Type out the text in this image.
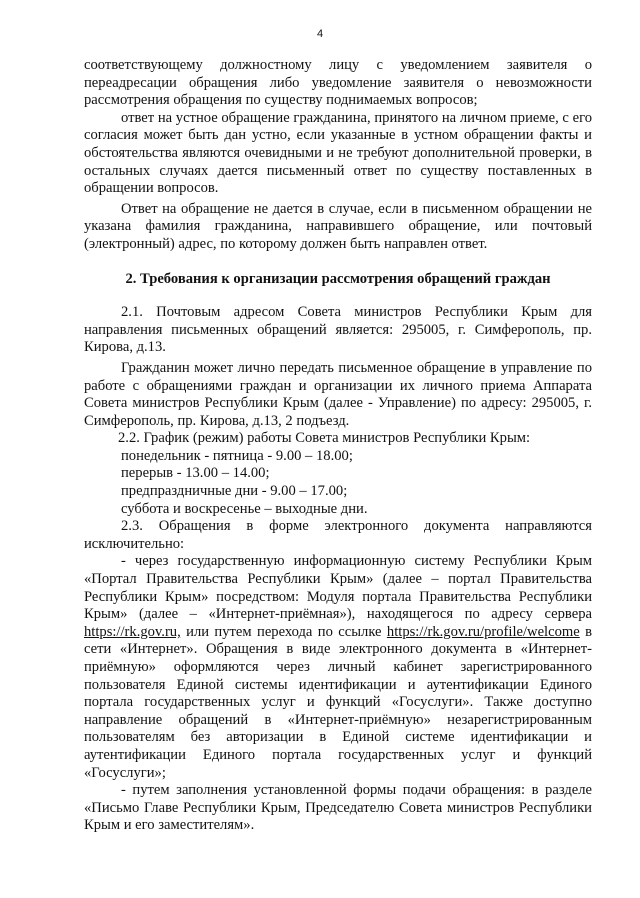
4

соответствующему должностному лицу с уведомлением заявителя о переадресации обращения либо уведомление заявителя о невозможности рассмотрения обращения по существу поднимаемых вопросов;

ответ на устное обращение гражданина, принятого на личном приеме, с его согласия может быть дан устно, если указанные в устном обращении факты и обстоятельства являются очевидными и не требуют дополнительной проверки, в остальных случаях дается письменный ответ по существу поставленных в обращении вопросов.

Ответ на обращение не дается в случае, если в письменном обращении не указана фамилия гражданина, направившего обращение, или почтовый (электронный) адрес, по которому должен быть направлен ответ.

2. Требования к организации рассмотрения обращений граждан

2.1. Почтовым адресом Совета министров Республики Крым для направления письменных обращений является: 295005, г. Симферополь, пр. Кирова, д.13.

Гражданин может лично передать письменное обращение в управление по работе с обращениями граждан и организации их личного приема Аппарата Совета министров Республики Крым (далее - Управление) по адресу: 295005, г. Симферополь, пр. Кирова, д.13, 2 подъезд.

2.2. График (режим) работы Совета министров Республики Крым:

понедельник - пятница - 9.00 – 18.00;

перерыв - 13.00 – 14.00;

предпраздничные дни - 9.00 – 17.00;

суббота и воскресенье – выходные дни.

2.3. Обращения в форме электронного документа направляются исключительно:

- через государственную информационную систему Республики Крым «Портал Правительства Республики Крым» (далее – портал Правительства Республики Крым» посредством: Модуля портала Правительства Республики Крым» (далее – «Интернет-приёмная»), находящегося по адресу сервера https://rk.gov.ru, или путем перехода по ссылке https://rk.gov.ru/profile/welcome в сети «Интернет». Обращения в виде электронного документа в «Интернет-приёмную» оформляются через личный кабинет зарегистрированного пользователя Единой системы идентификации и аутентификации Единого портала государственных услуг и функций «Госуслуги». Также доступно направление обращений в «Интернет-приёмную» незарегистрированным пользователям без авторизации в Единой системе идентификации и аутентификации Единого портала государственных услуг и функций «Госуслуги»;

- путем заполнения установленной формы подачи обращения: в разделе «Письмо Главе Республики Крым, Председателю Совета министров Республики Крым и его заместителям».
